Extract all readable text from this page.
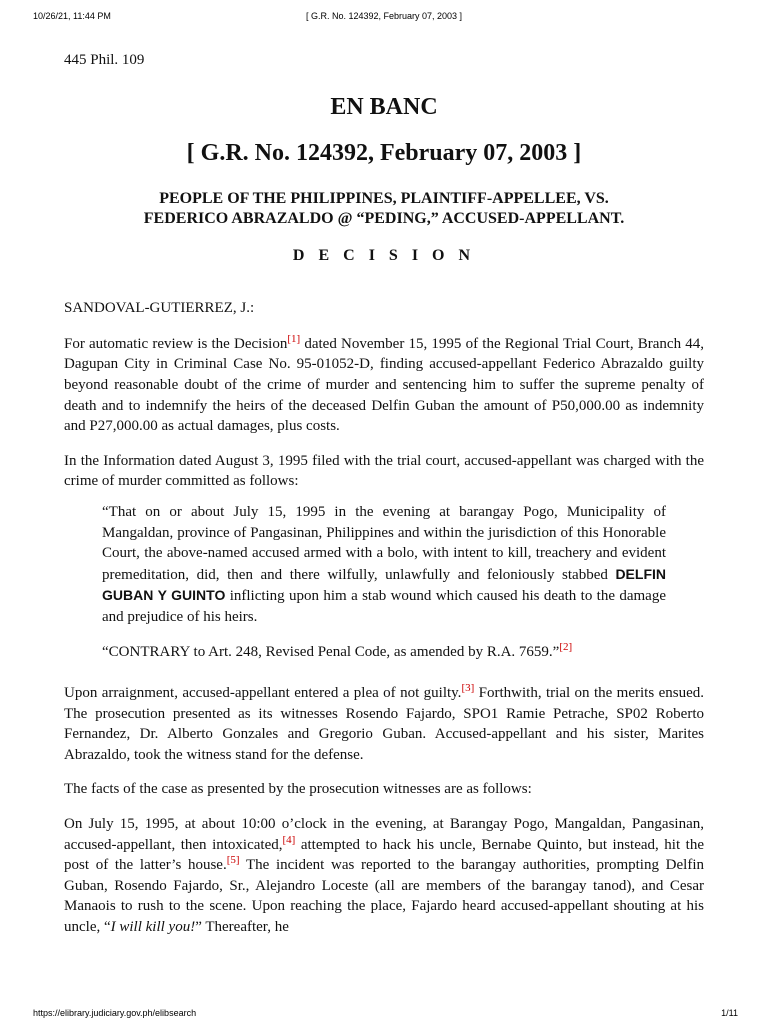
10/26/21, 11:44 PM	[ G.R. No. 124392, February 07, 2003 ]
445 Phil. 109
EN BANC
[ G.R. No. 124392, February 07, 2003 ]
PEOPLE OF THE PHILIPPINES, PLAINTIFF-APPELLEE, VS.
FEDERICO ABRAZALDO @ “PEDING,” ACCUSED-APPELLANT.
D E C I S I O N
SANDOVAL-GUTIERREZ, J.:

For automatic review is the Decision[1] dated November 15, 1995 of the Regional Trial Court, Branch 44, Dagupan City in Criminal Case No. 95-01052-D, finding accused-appellant Federico Abrazaldo guilty beyond reasonable doubt of the crime of murder and sentencing him to suffer the supreme penalty of death and to indemnify the heirs of the deceased Delfin Guban the amount of P50,000.00 as indemnity and P27,000.00 as actual damages, plus costs.

In the Information dated August 3, 1995 filed with the trial court, accused-appellant was charged with the crime of murder committed as follows:

“That on or about July 15, 1995 in the evening at barangay Pogo, Municipality of Mangaldan, province of Pangasinan, Philippines and within the jurisdiction of this Honorable Court, the above-named accused armed with a bolo, with intent to kill, treachery and evident premeditation, did, then and there wilfully, unlawfully and feloniously stabbed DELFIN GUBAN Y GUINTO inflicting upon him a stab wound which caused his death to the damage and prejudice of his heirs.

“CONTRARY to Art. 248, Revised Penal Code, as amended by R.A. 7659.”[2]

Upon arraignment, accused-appellant entered a plea of not guilty.[3] Forthwith, trial on the merits ensued. The prosecution presented as its witnesses Rosendo Fajardo, SPO1 Ramie Petrache, SP02 Roberto Fernandez, Dr. Alberto Gonzales and Gregorio Guban. Accused-appellant and his sister, Marites Abrazaldo, took the witness stand for the defense.

The facts of the case as presented by the prosecution witnesses are as follows:

On July 15, 1995, at about 10:00 o’clock in the evening, at Barangay Pogo, Mangaldan, Pangasinan, accused-appellant, then intoxicated,[4] attempted to hack his uncle, Bernabe Quinto, but instead, hit the post of the latter’s house.[5] The incident was reported to the barangay authorities, prompting Delfin Guban, Rosendo Fajardo, Sr., Alejandro Loceste (all are members of the barangay tanod), and Cesar Manaois to rush to the scene. Upon reaching the place, Fajardo heard accused-appellant shouting at his uncle, “I will kill you!” Thereafter, he

https://elibrary.judiciary.gov.ph/elibsearch	1/11
